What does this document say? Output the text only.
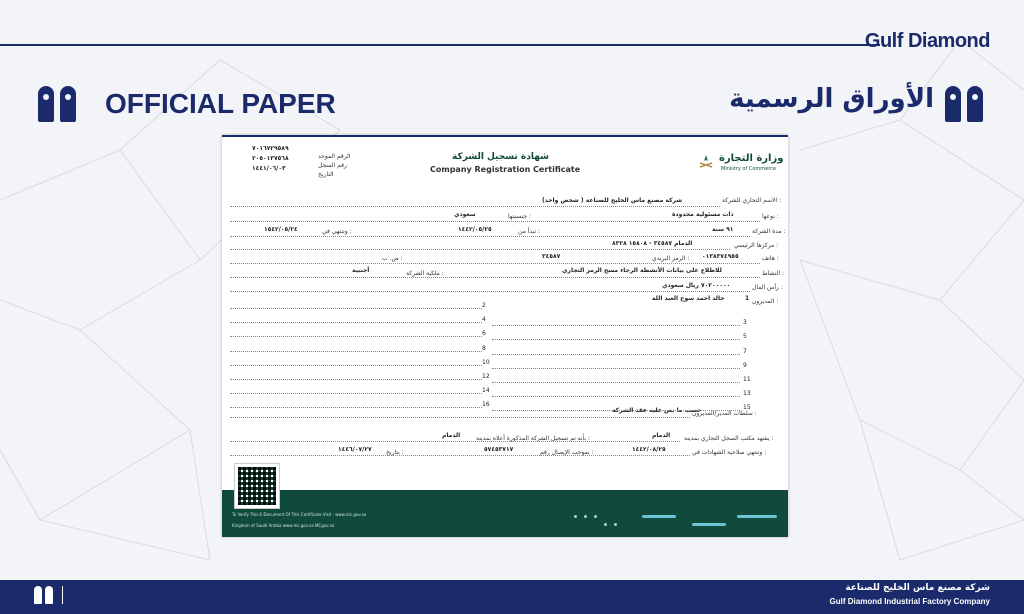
Gulf Diamond
OFFICIAL PAPER	الأوراق الرسمية
٧٠١٦٧٢٩٥٨٩
الرقم الموحد
٢٠٥٠١٣٧٥٦٨
رقم السجل
١٤٤١/٠٦/٠٣
التاريخ
شهادة تسجيل الشركة
Company Registration Certificate
وزارة التجارة
Ministry of Commerce
الاسم التجاري للشركة :
شركة مصنع ماس الخليج للصناعة ( شخص واحد)
نوعها :
ذات مسئولية محدودة
جنسيتها :
سعودي
مدة الشركة :
٩١ سنة
تبدأ من :
١٤٤٢/٠٥/٢٥
وتنتهي في :
١٥٤٢/٠٥/٢٤
مركزها الرئيسي :
الدمام ٣٤٥٨٧ - ١٥٨٠٨ ٨٣٢٨
هاتف :
٠١٣٨٣٧٤٩٥٥
الرمز البريدي :
٣٤٥٨٧
ص. ب :
النشاط :
للاطلاع على بيانات الأنشطة الرجاء مسح الرمز التجاري
ملكية الشركة :
أجنبية
رأس المال :
٧٠٢٠٠٠٠٠ ريال سعودي
المديرون :
1
خالد احمد سوح العبد الله
سلطات المدير/المديرون :
حسب ما نص عليه عقد الشركة
يشهد مكتب السجل التجاري بمدينة :
الدمام
بأنه تم تسجيل الشركة المذكورة أعلاه بمدينة :
الدمام
وتنتهي صلاحية الشهادات في :
١٤٤٢/٠٨/٢٥
بموجب الإيصال رقم :
٥٧٤٥٣٧١٧
بتاريخ :
١٤٤٦/٠٧/٢٧
To Verify This E-Document Of This Certificate Visit : www.mc.gov.sa
Kingdom of Saudi Arabia www.mc.gov.sa MCgov.sa
2
4
6
8
10
12
14
16
3
5
7
9
11
13
15
شركة مصنع ماس الخليج للصناعة
Gulf Diamond Industrial Factory Company
